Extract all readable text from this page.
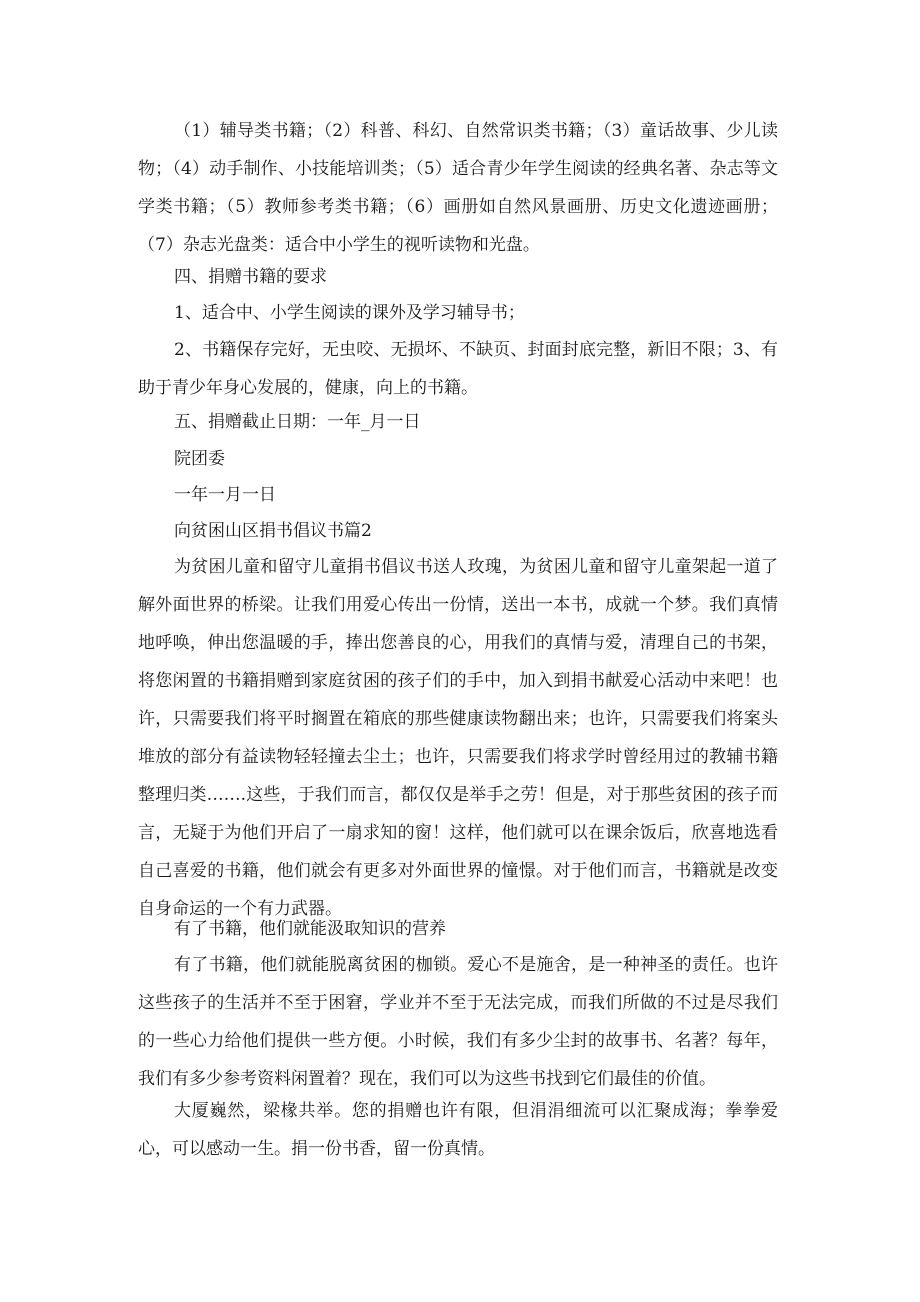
（1）辅导类书籍；（2）科普、科幻、自然常识类书籍；（3）童话故事、少儿读物；（4）动手制作、小技能培训类；（5）适合青少年学生阅读的经典名著、杂志等文学类书籍；（5）教师参考类书籍；（6）画册如自然风景画册、历史文化遗迹画册；（7）杂志光盘类：适合中小学生的视听读物和光盘。

四、捐赠书籍的要求

1、适合中、小学生阅读的课外及学习辅导书；

2、书籍保存完好，无虫咬、无损坏、不缺页、封面封底完整，新旧不限；3、有助于青少年身心发展的，健康，向上的书籍。

五、捐赠截止日期：一年_月一日

院团委

一年一月一日

向贫困山区捐书倡议书篇2

为贫困儿童和留守儿童捐书倡议书送人玫瑰，为贫困儿童和留守儿童架起一道了解外面世界的桥梁。让我们用爱心传出一份情，送出一本书，成就一个梦。我们真情地呼唤，伸出您温暖的手，捧出您善良的心，用我们的真情与爱，清理自己的书架，将您闲置的书籍捐赠到家庭贫困的孩子们的手中，加入到捐书献爱心活动中来吧！也许，只需要我们将平时搁置在箱底的那些健康读物翻出来；也许，只需要我们将案头堆放的部分有益读物轻轻撞去尘土；也许，只需要我们将求学时曾经用过的教辅书籍整理归类…….这些，于我们而言，都仅仅是举手之劳！但是，对于那些贫困的孩子而言，无疑于为他们开启了一扇求知的窗！这样，他们就可以在课余饭后，欣喜地选看自己喜爱的书籍，他们就会有更多对外面世界的憧憬。对于他们而言，书籍就是改变自身命运的一个有力武器。

有了书籍，他们就能汲取知识的营养

有了书籍，他们就能脱离贫困的枷锁。爱心不是施舍，是一种神圣的责任。也许这些孩子的生活并不至于困窘，学业并不至于无法完成，而我们所做的不过是尽我们的一些心力给他们提供一些方便。小时候，我们有多少尘封的故事书、名著？每年，我们有多少参考资料闲置着？现在，我们可以为这些书找到它们最佳的价值。

大厦巍然，梁椽共举。您的捐赠也许有限，但涓涓细流可以汇聚成海；拳拳爱心，可以感动一生。捐一份书香，留一份真情。
